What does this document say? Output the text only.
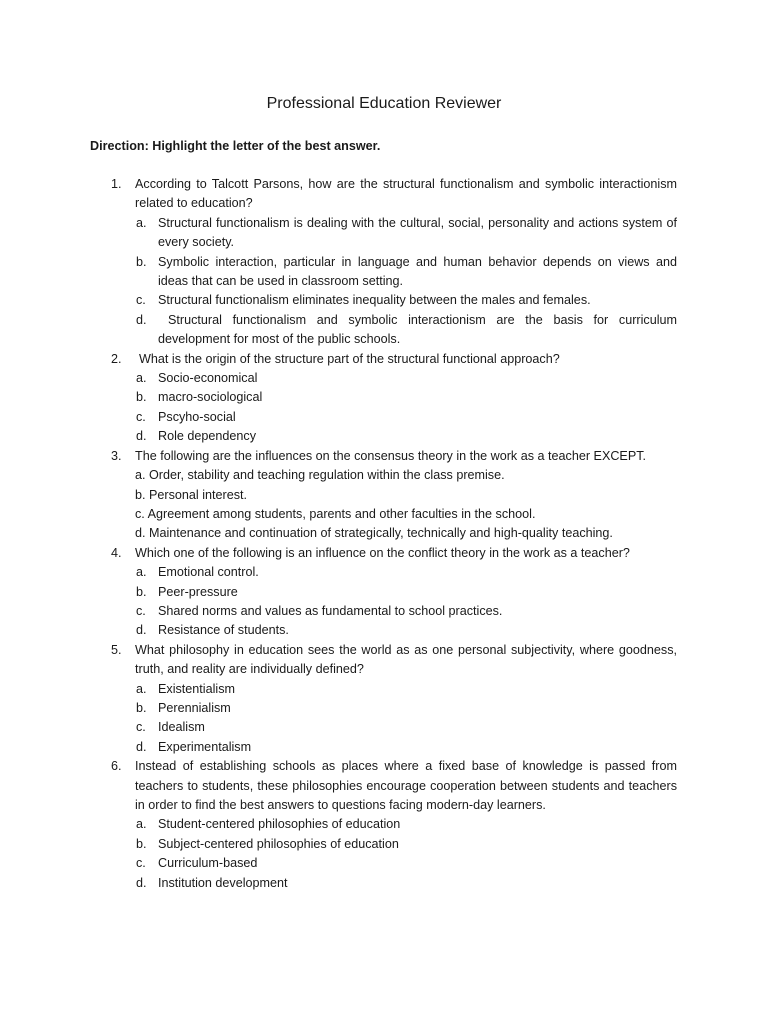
Professional Education Reviewer
Direction: Highlight the letter of the best answer.
1. According to Talcott Parsons, how are the structural functionalism and symbolic interactionism related to education?
a. Structural functionalism is dealing with the cultural, social, personality and actions system of every society.
b. Symbolic interaction, particular in language and human behavior depends on views and ideas that can be used in classroom setting.
c. Structural functionalism eliminates inequality between the males and females.
d. Structural functionalism and symbolic interactionism are the basis for curriculum development for most of the public schools.
2.	What is the origin of the structure part of the structural functional approach?
a. Socio-economical
b. macro-sociological
c. Pscyho-social
d. Role dependency
3. The following are the influences on the consensus theory in the work as a teacher EXCEPT.
a. Order, stability and teaching regulation within the class premise.
b. Personal interest.
c. Agreement among students, parents and other faculties in the school.
d. Maintenance and continuation of strategically, technically and high-quality teaching.
4. Which one of the following is an influence on the conflict theory in the work as a teacher?
a. Emotional control.
b. Peer-pressure
c. Shared norms and values as fundamental to school practices.
d. Resistance of students.
5. What philosophy in education sees the world as as one personal subjectivity, where goodness, truth, and reality are individually defined?
a. Existentialism
b. Perennialism
c. Idealism
d. Experimentalism
6. Instead of establishing schools as places where a fixed base of knowledge is passed from teachers to students, these philosophies encourage cooperation between students and teachers in order to find the best answers to questions facing modern-day learners.
a. Student-centered philosophies of education
b. Subject-centered philosophies of education
c. Curriculum-based
d. Institution development
